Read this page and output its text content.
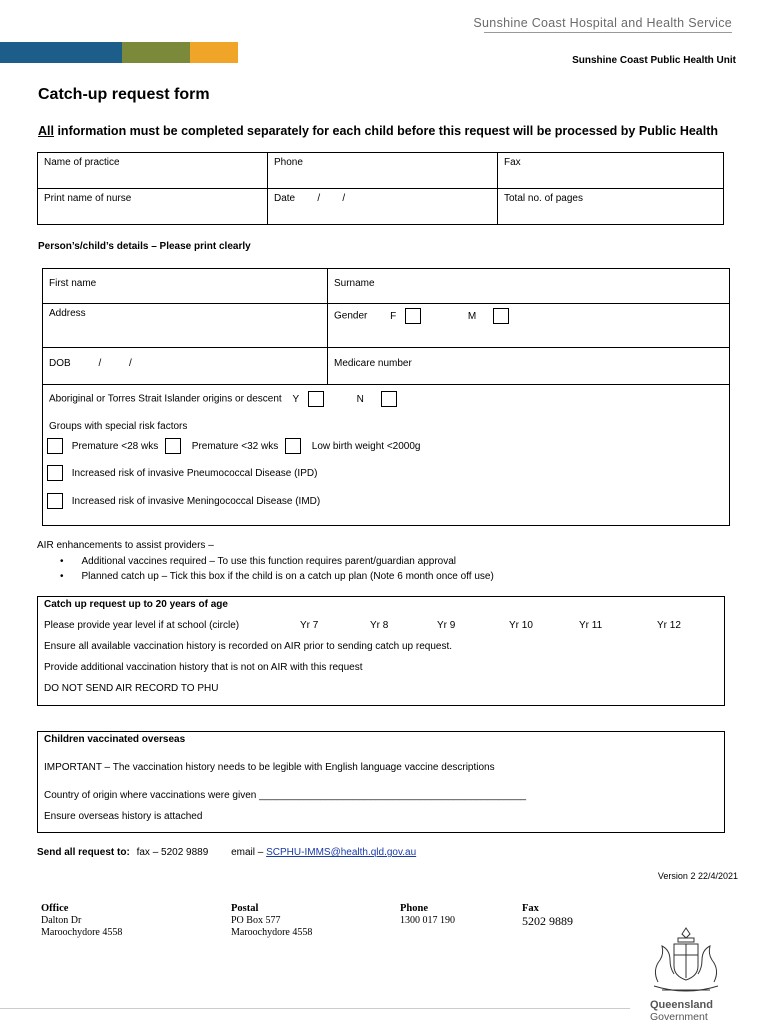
Sunshine Coast Hospital and Health Service
Sunshine Coast Public Health Unit
Catch-up request form
All information must be completed separately for each child before this request will be processed by Public Health
Name of practice	Phone	Fax
Print name of nurse	Date        /        /	Total no. of pages
Person’s/child’s details – Please print clearly
First name	Surname
Address	Gender F M
DOB          /          /	Medicare number

Aboriginal or Torres Strait Islander origins or descent Y N
Groups with special risk factors
Premature <28 wks Premature <32 wks Low birth weight <2000g
Increased risk of invasive Pneumococcal Disease (IPD)
Increased risk of invasive Meningococcal Disease (IMD)	
AIR enhancements to assist providers –
• Additional vaccines required – To use this function requires parent/guardian approval
• Planned catch up – Tick this box if the child is on a catch up plan (Note 6 month once off use)
Catch up request up to 20 years of age
Please provide year level if at school (circle)	Yr 7	Yr 8	Yr 9	Yr 10	Yr 11	Yr 12
Ensure all available vaccination history is recorded on AIR prior to sending catch up request.
Provide additional vaccination history that is not on AIR with this request
DO NOT SEND AIR RECORD TO PHU
Children vaccinated overseas
IMPORTANT – The vaccination history needs to be legible with English language vaccine descriptions
Country of origin where vaccinations were given ________________________________________________
Ensure overseas history is attached
Send all request to: fax – 5202 9889 email – SCPHU-IMMS@health.qld.gov.au
Version 2 22/4/2021
Office
Dalton Dr
Maroochydore 4558
Postal
PO Box 577
Maroochydore 4558
Phone
1300 017 190
Fax
5202 9889
Queensland
Government
